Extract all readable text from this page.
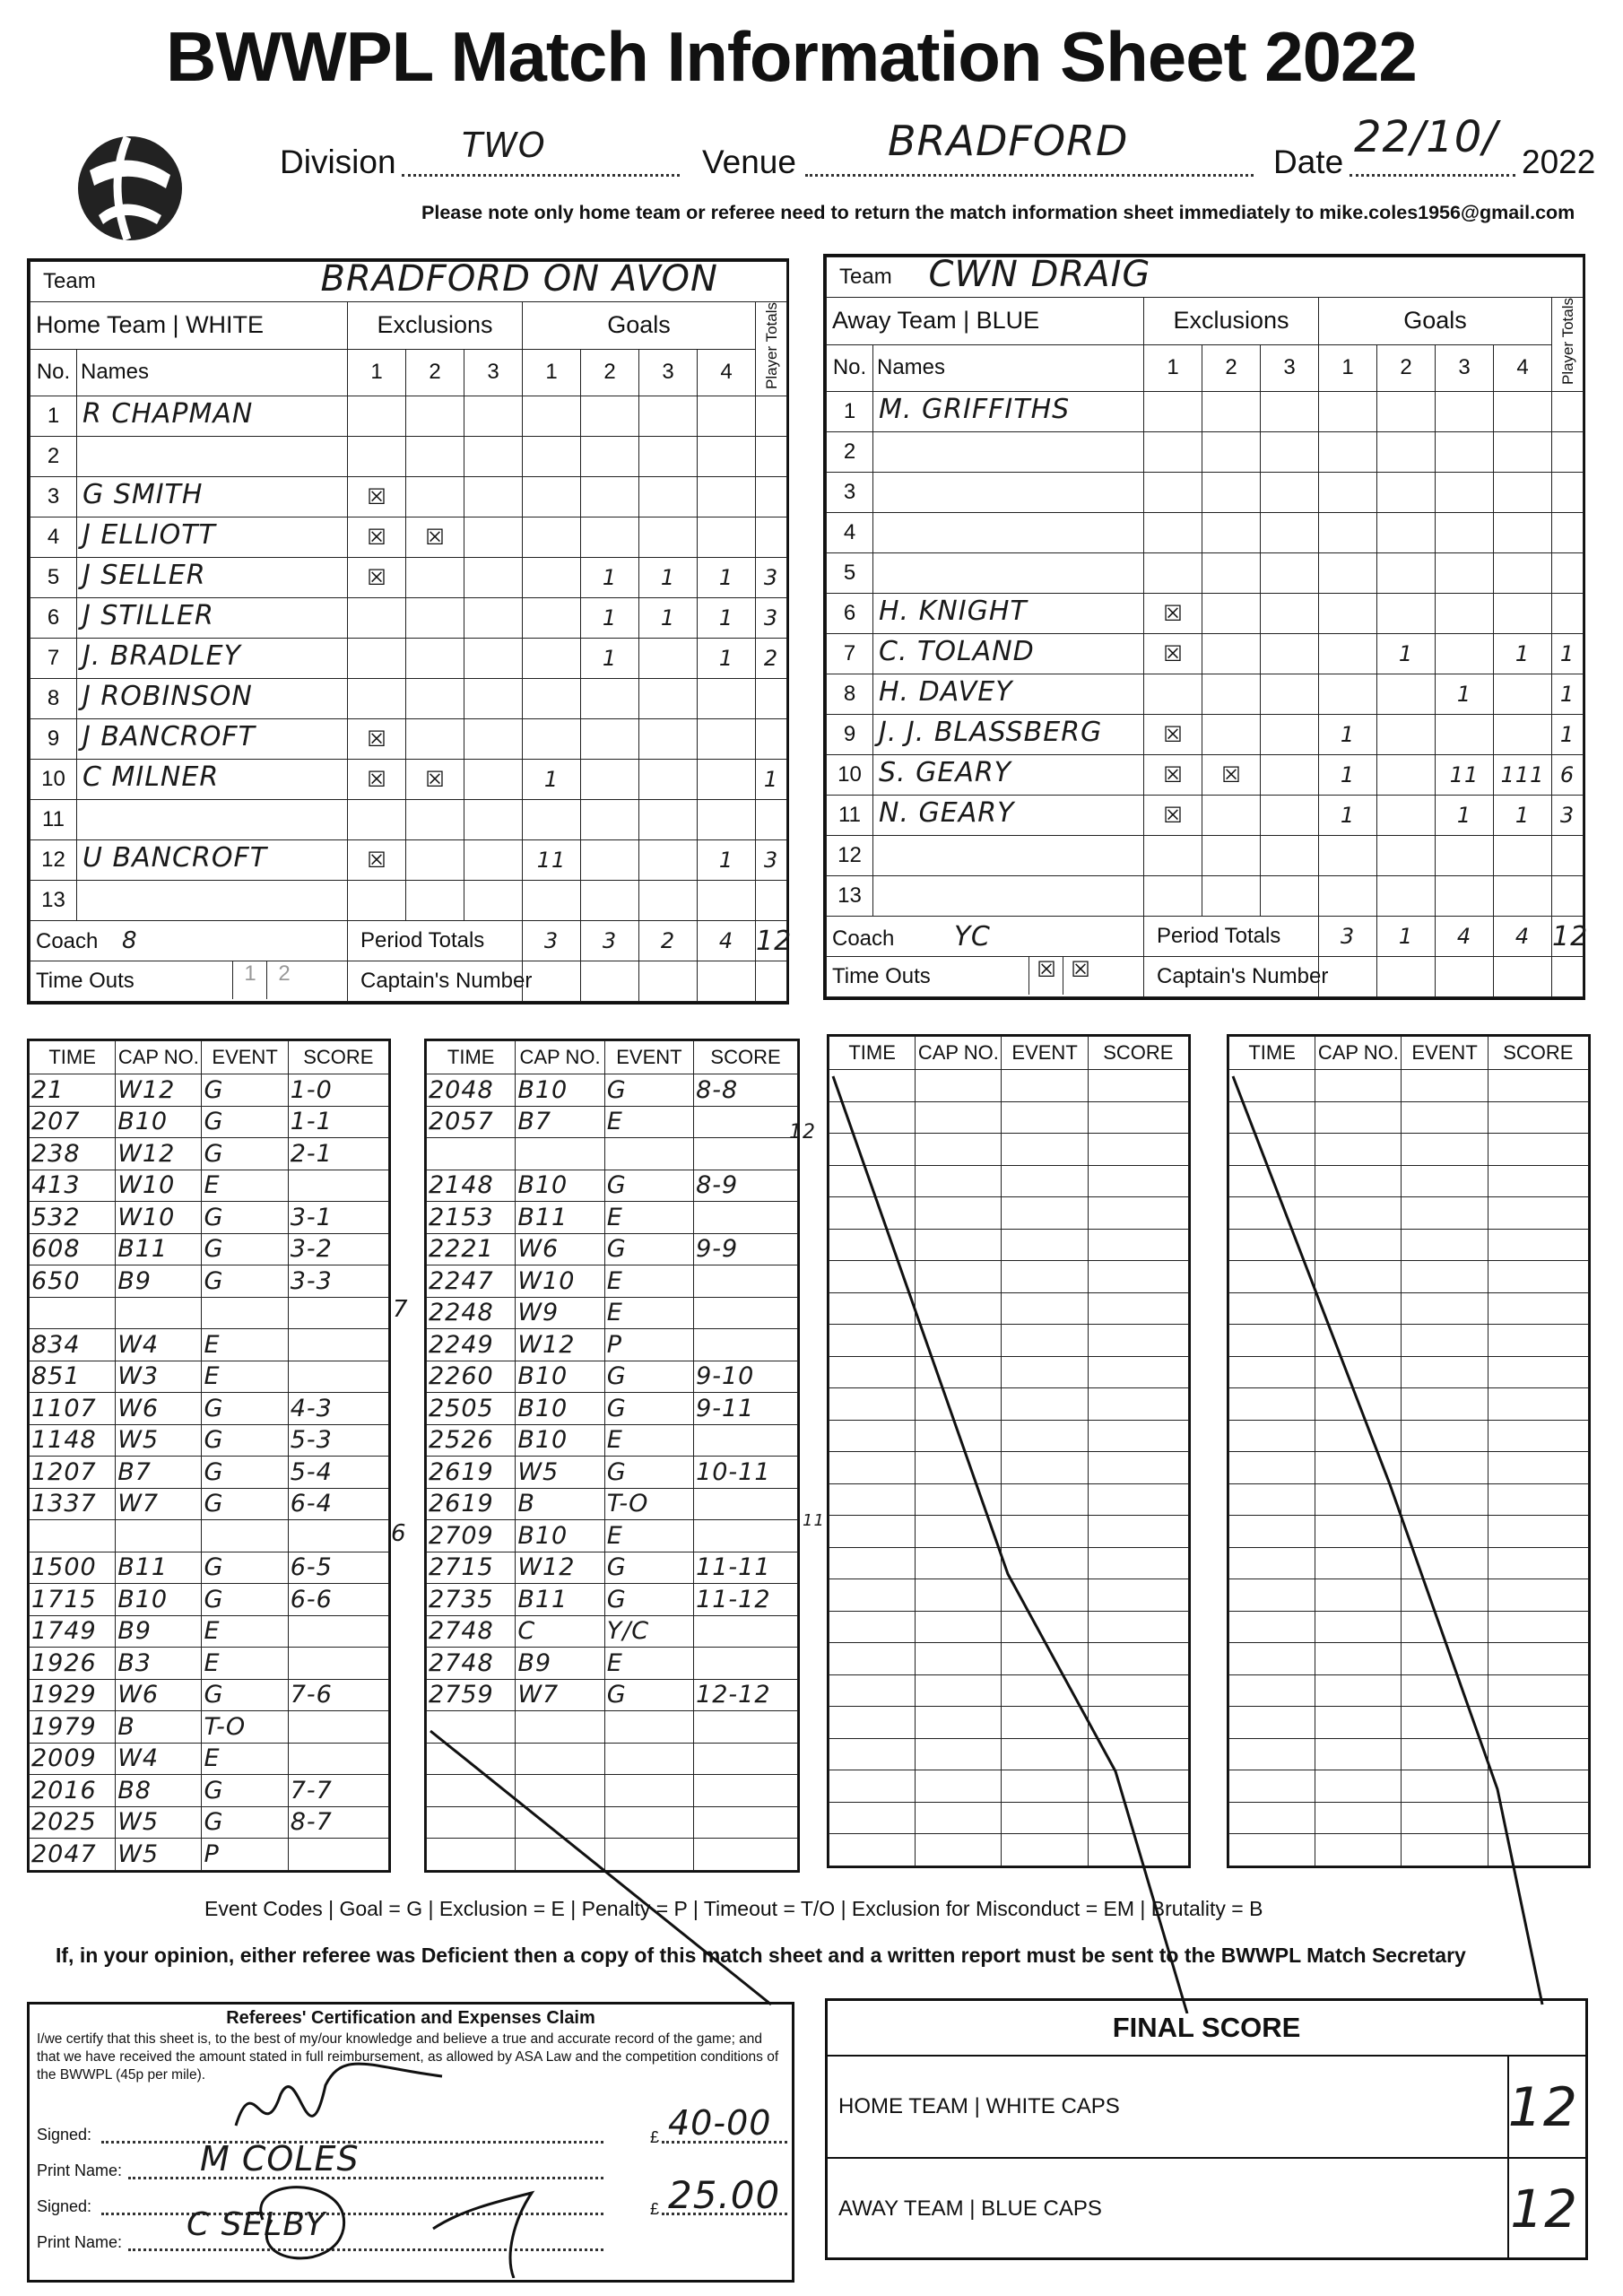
BWWPL Match Information Sheet 2022
Division TWO	Venue BRADFORD	Date 22/10/ 2022
Please note only home team or referee need to return the match information sheet immediately to mike.coles1956@gmail.com
Team		BRADFORD ON AVON							

Home Team | WHITE		Exclusions			Goals				Player Totals
No.	Names	1	2	3	1	2	3	4	
1	R CHAPMAN								

2	

3	G SMITH	☒							
4	J ELLIOTT	☒	☒						
5	J SELLER	☒				1	1	1	3
6	J STILLER					1	1	1	3
7	J. BRADLEY					1		1	2
8	J ROBINSON								

9	J BANCROFT	☒							
10	C MILNER	☒	☒		1				1
11	

12	U BANCROFT	☒			11			1	3
13	

Coach 8		Period Totals			3	3	2	4	12
Time Outs 1 2		Captain's Number							
Team		CWN DRAIG							

Away Team | BLUE		Exclusions			Goals				Player Totals
No.	Names	1	2	3	1	2	3	4	
1	M. GRIFFITHS								

2	

3	

4	

5	

6	H. KNIGHT	☒							
7	C. TOLAND	☒				1		1	1
8	H. DAVEY						1		1
9	J. J. BLASSBERG	☒			1				1
10	S. GEARY	☒	☒		1		11	111	6
11	N. GEARY	☒			1		1	1	3
12	

13	

Coach YC		Period Totals			3	1	4	4	12
Time Outs ☒ ☒		Captain's Number							
TIME	CAP NO.	EVENT	SCORE
21	W12	G	1-0
207	B10	G	1-1
238	W12	G	2-1
413	W10	E	
532	W10	G	3-1
608	B11	G	3-2
650	B9	G	3-3

834	W4	E	
851	W3	E	
1107	W6	G	4-3
1148	W5	G	5-3
1207	B7	G	5-4
1337	W7	G	6-4

1500	B11	G	6-5
1715	B10	G	6-6
1749	B9	E	
1926	B3	E	
1929	W6	G	7-6
1979	B	T-O	
2009	W4	E	
2016	B8	G	7-7
2025	W5	G	8-7
2047	W5	P	
7
6
TIME	CAP NO.	EVENT	SCORE
2048	B10	G	8-8
2057	B7	E	

2148	B10	G	8-9
2153	B11	E	
2221	W6	G	9-9
2247	W10	E	
2248	W9	E	
2249	W12	P	
2260	B10	G	9-10
2505	B10	G	9-11
2526	B10	E	
2619	W5	G	10-11
2619	B	T-O	
2709	B10	E	
2715	W12	G	11-11
2735	B11	G	11-12
2748	C	Y/C	
2748	B9	E	
2759	W7	G	12-12

12
11
TIME	CAP NO.	EVENT	SCORE

				TIME	CAP NO.	EVENT	SCORE

Event Codes | Goal = G | Exclusion = E | Penalty = P | Timeout = T/O | Exclusion for Misconduct = EM | Brutality = B
If, in your opinion, either referee was Deficient then a copy of this match sheet and a written report must be sent to the BWWPL Match Secretary
Referees' Certification and Expenses Claim
I/we certify that this sheet is, to the best of my/our knowledge and believe a true and accurate record of the game; and that we have received the amount stated in full reimbursement, as allowed by ASA Law and the competition conditions of the BWWPL (45p per mile).
Signed:
Print Name:
Signed:
Print Name:
£
£
40-00
25.00
M COLES
C SELBY
FINAL SCORE
HOME TEAM | WHITE CAPS	12
AWAY TEAM | BLUE CAPS	12
